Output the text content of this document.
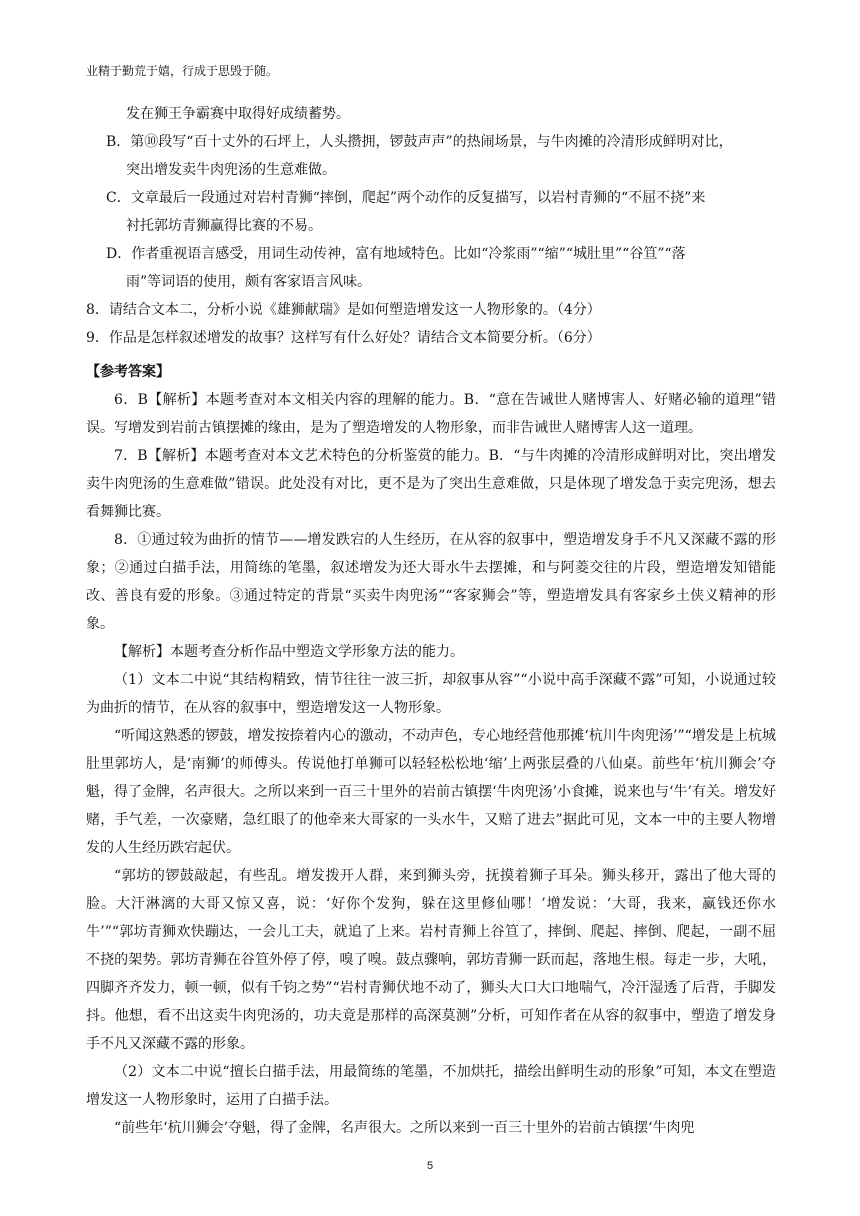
业精于勤荒于嬉，行成于思毁于随。

发在狮王争霸赛中取得好成绩蓄势。

B．第⑩段写“百十丈外的石坪上，人头攒拥，锣鼓声声”的热闹场景，与牛肉摊的冷清形成鲜明对比，

突出增发卖牛肉兜汤的生意难做。

C．文章最后一段通过对岩村青狮“摔倒，爬起”两个动作的反复描写，以岩村青狮的“不屈不挠”来

衬托郭坊青狮赢得比赛的不易。

D．作者重视语言感受，用词生动传神，富有地域特色。比如“冷浆雨”“缩”“城肚里”“谷笪”“落

雨”等词语的使用，颇有客家语言风味。

8．请结合文本二，分析小说《雄狮献瑞》是如何塑造增发这一人物形象的。（4分）

9．作品是怎样叙述增发的故事？这样写有什么好处？请结合文本简要分析。（6分）

【参考答案】

6．B【解析】本题考查对本文相关内容的理解的能力。B．“意在告诫世人赌博害人、好赌必输的道理”错误。写增发到岩前古镇摆摊的缘由，是为了塑造增发的人物形象，而非告诫世人赌博害人这一道理。

7．B【解析】本题考查对本文艺术特色的分析鉴赏的能力。B．“与牛肉摊的冷清形成鲜明对比，突出增发卖牛肉兜汤的生意难做”错误。此处没有对比，更不是为了突出生意难做，只是体现了增发急于卖完兜汤，想去看舞狮比赛。

8．①通过较为曲折的情节——增发跌宕的人生经历，在从容的叙事中，塑造增发身手不凡又深藏不露的形象；②通过白描手法，用简练的笔墨，叙述增发为还大哥水牛去摆摊，和与阿菱交往的片段，塑造增发知错能改、善良有爱的形象。③通过特定的背景“买卖牛肉兜汤”“客家狮会”等，塑造增发具有客家乡土侠义精神的形象。

【解析】本题考查分析作品中塑造文学形象方法的能力。

（1）文本二中说“其结构精致，情节往往一波三折，却叙事从容”“小说中高手深藏不露”可知，小说通过较为曲折的情节，在从容的叙事中，塑造增发这一人物形象。

“听闻这熟悉的锣鼓，增发按捺着内心的激动，不动声色，专心地经营他那摊‘杭川牛肉兜汤’”“增发是上杭城肚里郭坊人，是‘南狮’的师傅头。传说他打单狮可以轻轻松松地‘缩’上两张层叠的八仙桌。前些年‘杭川狮会’夺魁，得了金牌，名声很大。之所以来到一百三十里外的岩前古镇摆‘牛肉兜汤’小食摊，说来也与‘牛’有关。增发好赌，手气差，一次豪赌，急红眼了的他牵来大哥家的一头水牛，又赔了进去”据此可见，文本一中的主要人物增发的人生经历跌宕起伏。

“郭坊的锣鼓敲起，有些乱。增发拨开人群，来到狮头旁，抚摸着狮子耳朵。狮头移开，露出了他大哥的脸。大汗淋漓的大哥又惊又喜，说：‘好你个发狗，躲在这里修仙哪！’增发说：‘大哥，我来，赢钱还你水牛’”“郭坊青狮欢快蹦达，一会儿工夫，就追了上来。岩村青狮上谷笪了，摔倒、爬起、摔倒、爬起，一副不屈不挠的架势。郭坊青狮在谷笪外停了停，嗅了嗅。鼓点骤响，郭坊青狮一跃而起，落地生根。每走一步，大吼，四脚齐齐发力，顿一顿，似有千钧之势”“岩村青狮伏地不动了，狮头大口大口地喘气，冷汗湿透了后背，手脚发抖。他想，看不出这卖牛肉兜汤的，功夫竟是那样的高深莫测”分析，可知作者在从容的叙事中，塑造了增发身手不凡又深藏不露的形象。

（2）文本二中说“擅长白描手法，用最简练的笔墨，不加烘托，描绘出鲜明生动的形象”可知，本文在塑造增发这一人物形象时，运用了白描手法。

“前些年‘杭川狮会’夺魁，得了金牌，名声很大。之所以来到一百三十里外的岩前古镇摆‘牛肉兜

5
